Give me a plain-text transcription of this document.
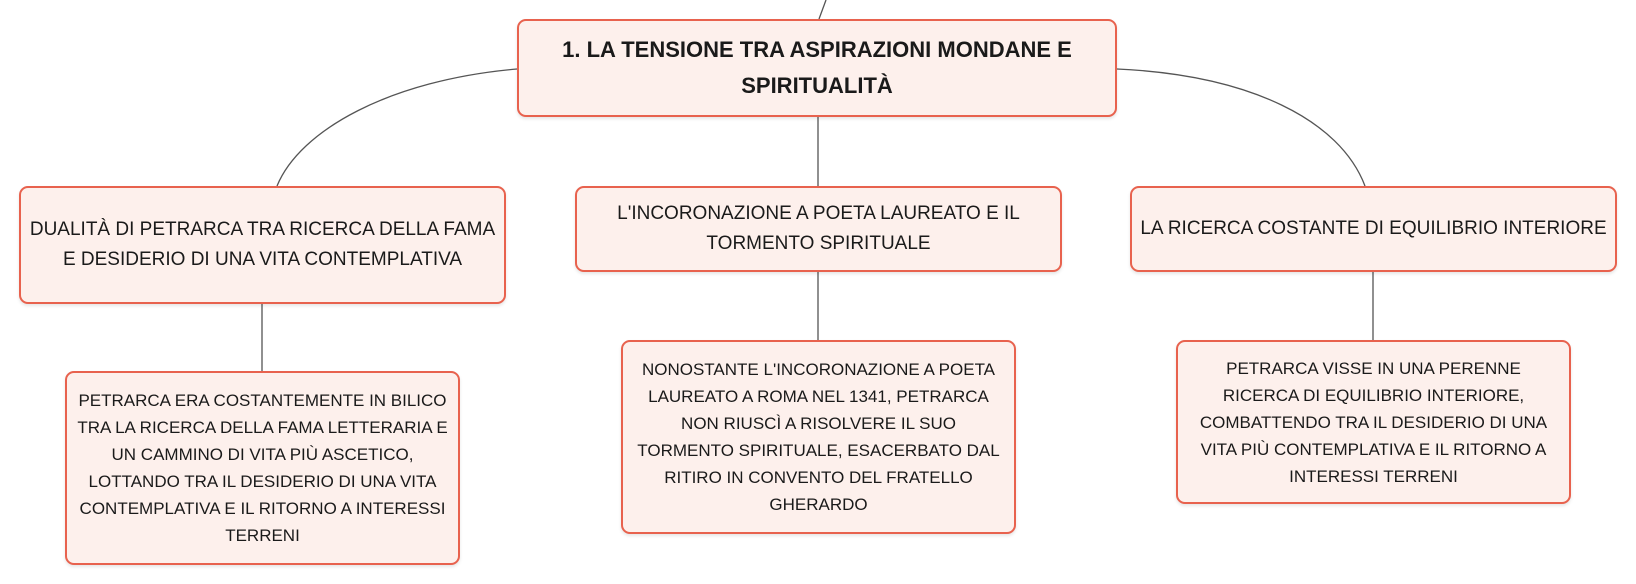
1. LA TENSIONE TRA ASPIRAZIONI MONDANE E SPIRITUALITÀ
DUALITÀ DI PETRARCA TRA RICERCA DELLA FAMA E DESIDERIO DI UNA VITA CONTEMPLATIVA
L'INCORONAZIONE A POETA LAUREATO E IL TORMENTO SPIRITUALE
LA RICERCA COSTANTE DI EQUILIBRIO INTERIORE
PETRARCA ERA COSTANTEMENTE IN BILICO TRA LA RICERCA DELLA FAMA LETTERARIA E UN CAMMINO DI VITA PIÙ ASCETICO, LOTTANDO TRA IL DESIDERIO DI UNA VITA CONTEMPLATIVA E IL RITORNO A INTERESSI TERRENI
NONOSTANTE L'INCORONAZIONE A POETA LAUREATO A ROMA NEL 1341, PETRARCA NON RIUSCÌ A RISOLVERE IL SUO TORMENTO SPIRITUALE, ESACERBATO DAL RITIRO IN CONVENTO DEL FRATELLO GHERARDO
PETRARCA VISSE IN UNA PERENNE RICERCA DI EQUILIBRIO INTERIORE, COMBATTENDO TRA IL DESIDERIO DI UNA VITA PIÙ CONTEMPLATIVA E IL RITORNO A INTERESSI TERRENI
